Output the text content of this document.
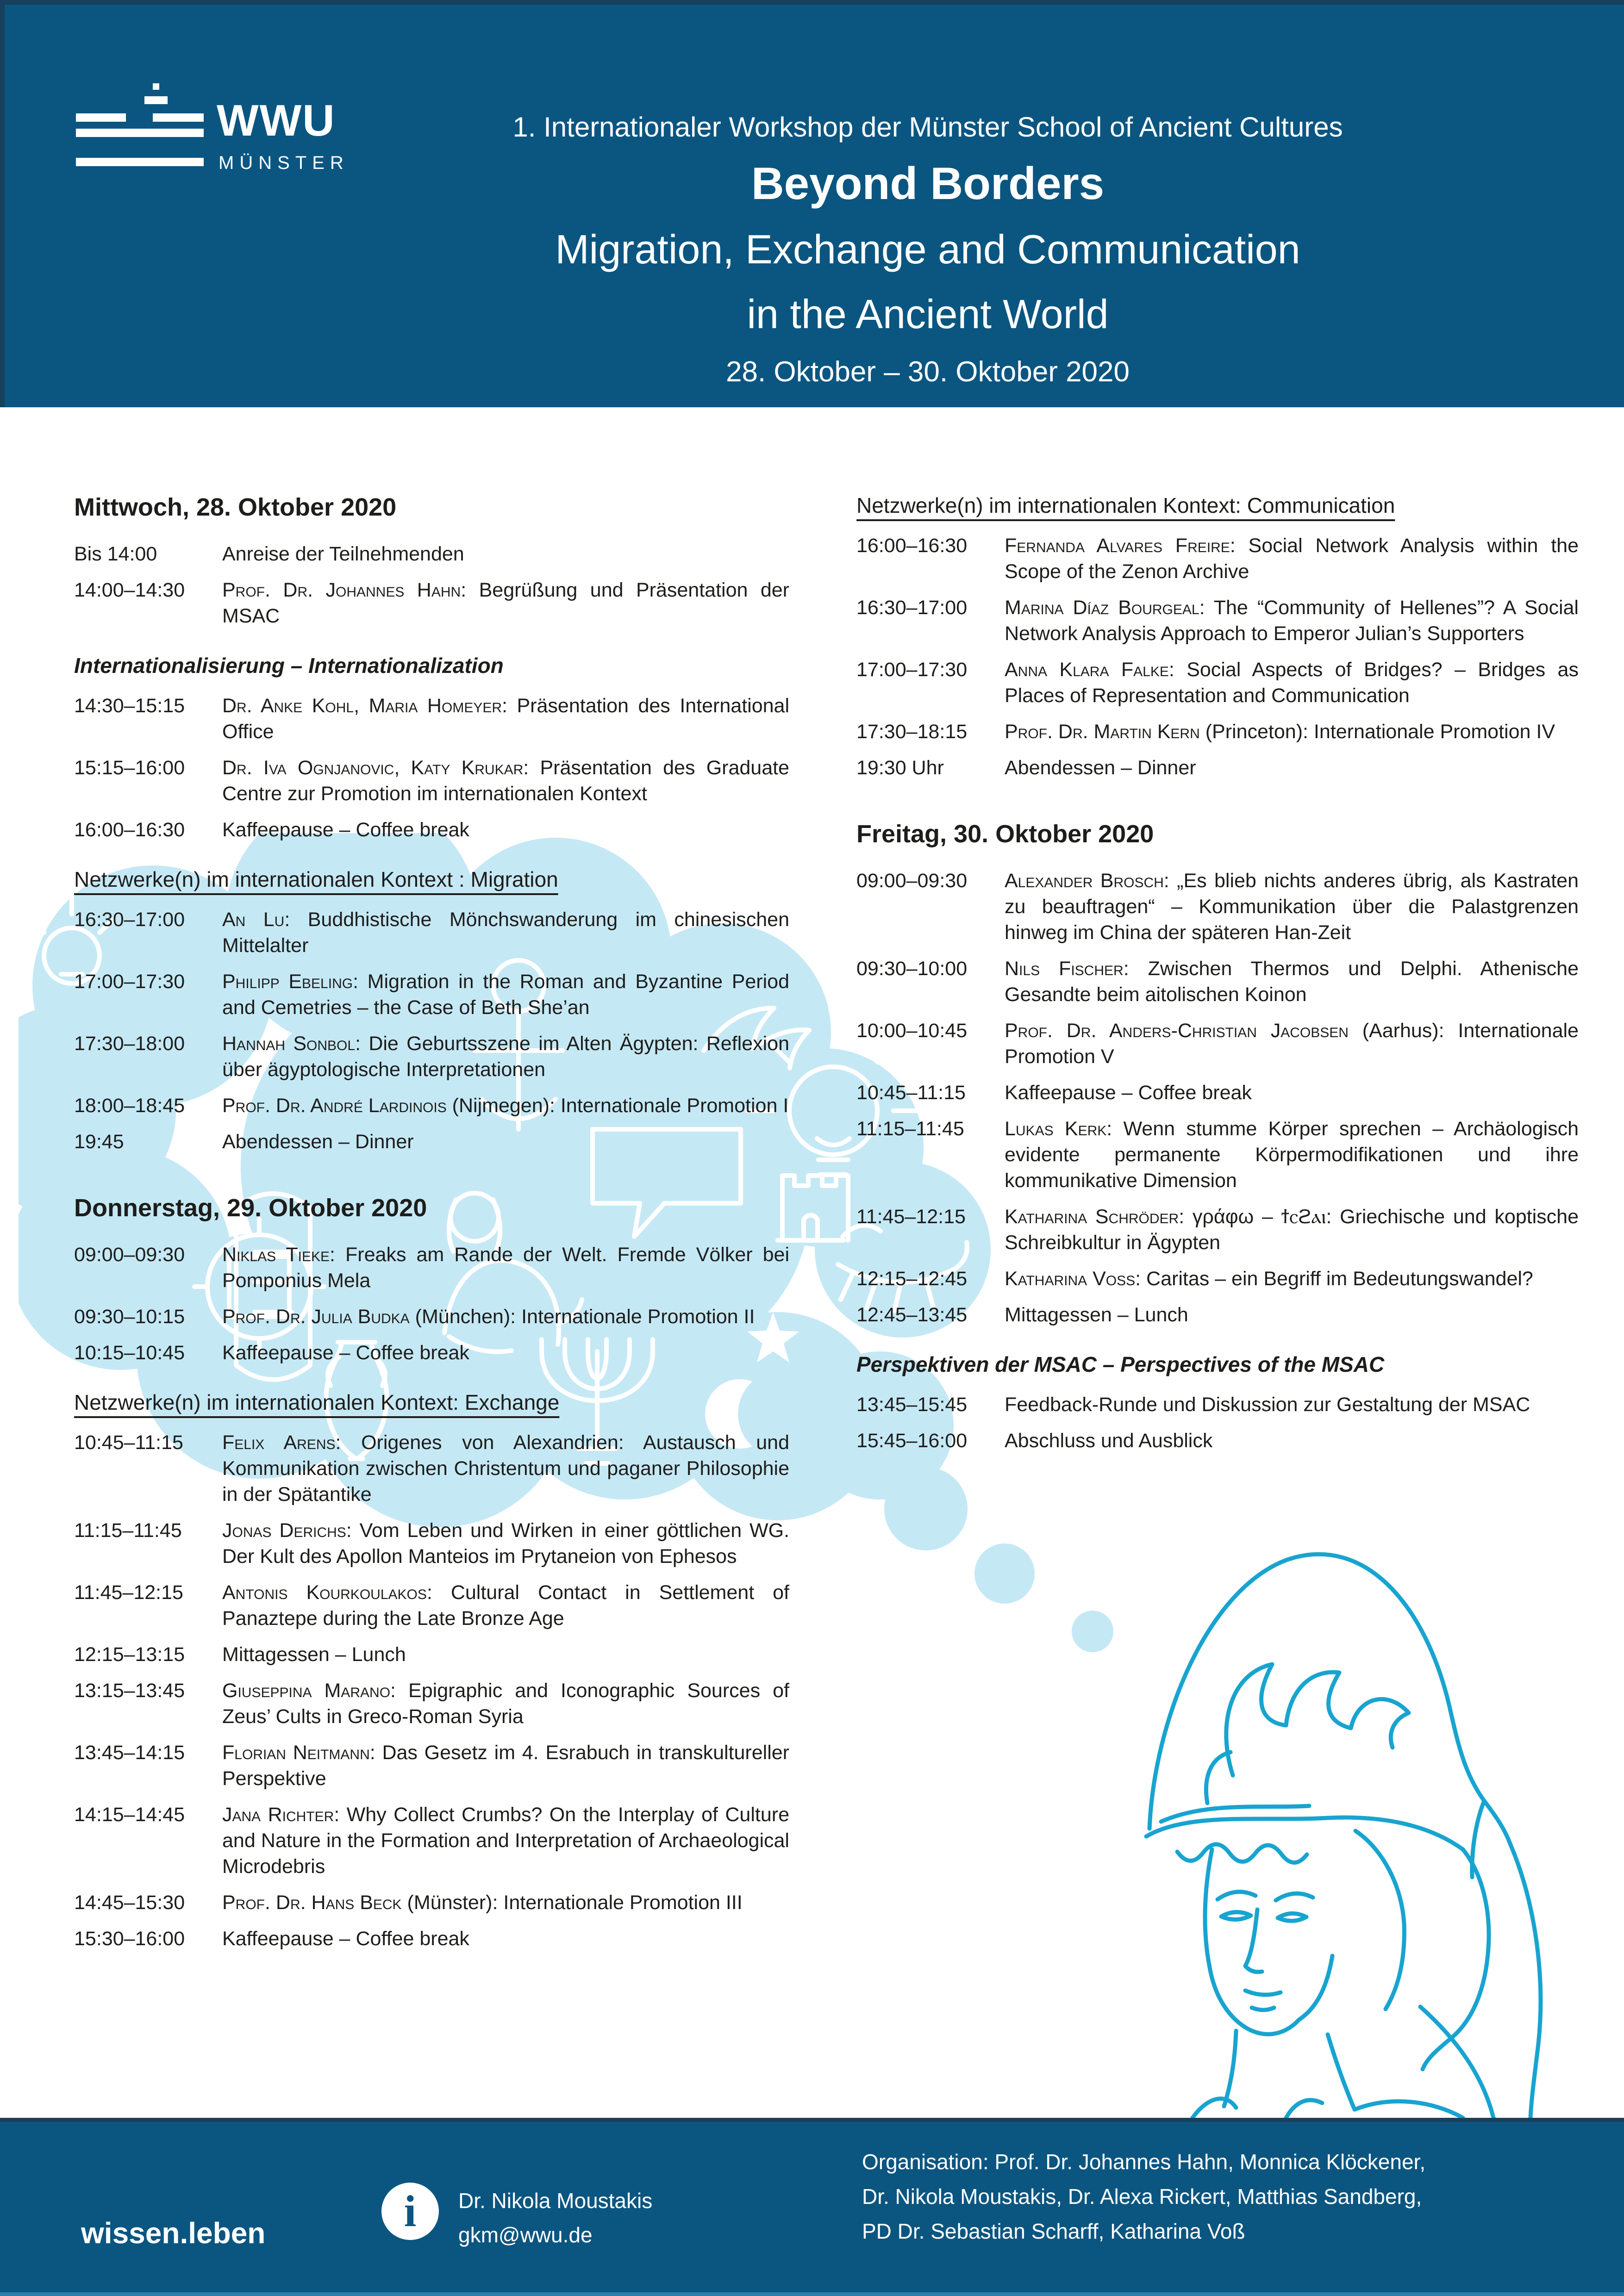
WWU
MÜNSTER
1. Internationaler Workshop der Münster School of Ancient Cultures
Beyond Borders
Migration, Exchange and Communication
in the Ancient World
28. Oktober – 30. Oktober 2020
Mittwoch, 28. Oktober 2020
Bis 14:00	Anreise der Teilnehmenden
14:00–14:30	Prof. Dr. Johannes Hahn: Begrüßung und Präsentation der MSAC
Internationalisierung – Internationalization
14:30–15:15	Dr. Anke Kohl, Maria Homeyer: Präsentation des International Office
15:15–16:00	Dr. Iva Ognjanovic, Katy Krukar: Präsentation des Graduate Centre zur Promotion im internationalen Kontext
16:00–16:30	Kaffeepause – Coffee break
Netzwerke(n) im internationalen Kontext : Migration
16:30–17:00	An Lu: Buddhistische Mönchswanderung im chinesischen Mittelalter
17:00–17:30	Philipp Ebeling: Migration in the Roman and Byzantine Period and Cemetries – the Case of Beth She’an
17:30–18:00	Hannah Sonbol: Die Geburtsszene im Alten Ägypten: Reflexion über ägyptologische Interpretationen
18:00–18:45	Prof. Dr. André Lardinois (Nijmegen): Internationale Promotion I
19:45	Abendessen – Dinner
Donnerstag, 29. Oktober 2020
09:00–09:30	Niklas Tieke: Freaks am Rande der Welt. Fremde Völker bei Pomponius Mela
09:30–10:15	Prof. Dr. Julia Budka (München): Internationale Promotion II
10:15–10:45	Kaffeepause – Coffee break
Netzwerke(n) im internationalen Kontext: Exchange
10:45–11:15	Felix Arens: Origenes von Alexandrien: Austausch und Kommunikation zwischen Christentum und paganer Philosophie in der Spätantike
11:15–11:45	Jonas Derichs: Vom Leben und Wirken in einer göttlichen WG. Der Kult des Apollon Manteios im Prytaneion von Ephesos
11:45–12:15	Antonis Kourkoulakos: Cultural Contact in Settlement of Panaztepe during the Late Bronze Age
12:15–13:15	Mittagessen – Lunch
13:15–13:45	Giuseppina Marano: Epigraphic and Iconographic Sources of Zeus’ Cults in Greco-Roman Syria
13:45–14:15	Florian Neitmann: Das Gesetz im 4. Esrabuch in transkultureller Perspektive
14:15–14:45	Jana Richter: Why Collect Crumbs? On the Interplay of Culture and Nature in the Formation and Interpretation of Archaeological Microdebris
14:45–15:30	Prof. Dr. Hans Beck (Münster): Internationale Promotion III
15:30–16:00	Kaffeepause – Coffee break
Netzwerke(n) im internationalen Kontext: Communication
16:00–16:30	Fernanda Alvares Freire: Social Network Analysis within the Scope of the Zenon Archive
16:30–17:00	Marina Díaz Bourgeal: The “Community of Hellenes”? A Social Network Analysis Approach to Emperor Julian’s Supporters
17:00–17:30	Anna Klara Falke: Social Aspects of Bridges? – Bridges as Places of Representation and Communication
17:30–18:15	Prof. Dr. Martin Kern (Princeton): Internationale Promotion IV
19:30 Uhr	Abendessen – Dinner
Freitag, 30. Oktober 2020
09:00–09:30	Alexander Brosch: „Es blieb nichts anderes übrig, als Kastraten zu beauftragen“ – Kommunikation über die Palastgrenzen hinweg im China der späteren Han-Zeit
09:30–10:00	Nils Fischer: Zwischen Thermos und Delphi. Athenische Gesandte beim aitolischen Koinon
10:00–10:45	Prof. Dr. Anders-Christian Jacobsen (Aarhus): Internationale Promotion V
10:45–11:15	Kaffeepause – Coffee break
11:15–11:45	Lukas Kerk: Wenn stumme Körper sprechen – Archäologisch evidente permanente Körpermodifikationen und ihre kommunikative Dimension
11:45–12:15	Katharina Schröder: γράφω – ϯⲥϩⲁⲓ: Griechische und koptische Schreibkultur in Ägypten
12:15–12:45	Katharina Voß: Caritas – ein Begriff im Bedeutungswandel?
12:45–13:45	Mittagessen – Lunch
Perspektiven der MSAC – Perspectives of the MSAC
13:45–15:45	Feedback-Runde und Diskussion zur Gestaltung der MSAC
15:45–16:00	Abschluss und Ausblick
wissen.leben	i	Dr. Nikola Moustakis
gkm@wwu.de
Organisation: Prof. Dr. Johannes Hahn, Monnica Klöckener,
Dr. Nikola Moustakis, Dr. Alexa Rickert, Matthias Sandberg,
PD Dr. Sebastian Scharff, Katharina Voß
